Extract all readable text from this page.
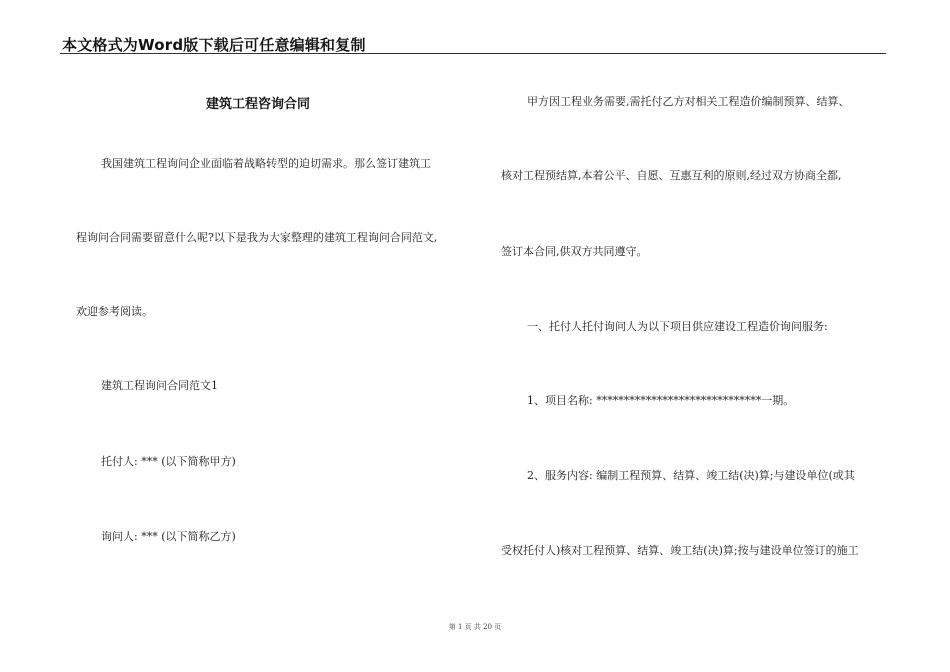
本文格式为Word版下载后可任意编辑和复制
建筑工程咨询合同
我国建筑工程询问企业面临着战略转型的迫切需求。那么签订建筑工
程询问合同需要留意什么呢?以下是我为大家整理的建筑工程询问合同范文,
欢迎参考阅读。
建筑工程询问合同范文1
托付人: *** (以下简称甲方)
询问人: *** (以下简称乙方)
甲方因工程业务需要,需托付乙方对相关工程造价编制预算、结算、
核对工程预结算,本着公平、自愿、互惠互利的原则,经过双方协商全都,
签订本合同,供双方共同遵守。
一、托付人托付询问人为以下项目供应建设工程造价询问服务:
1、项目名称: ******************************一期。
2、服务内容: 编制工程预算、结算、竣工结(决)算;与建设单位(或其
受权托付人)核对工程预算、结算、竣工结(决)算;按与建设单位签订的施工
第 1 页 共 20 页
